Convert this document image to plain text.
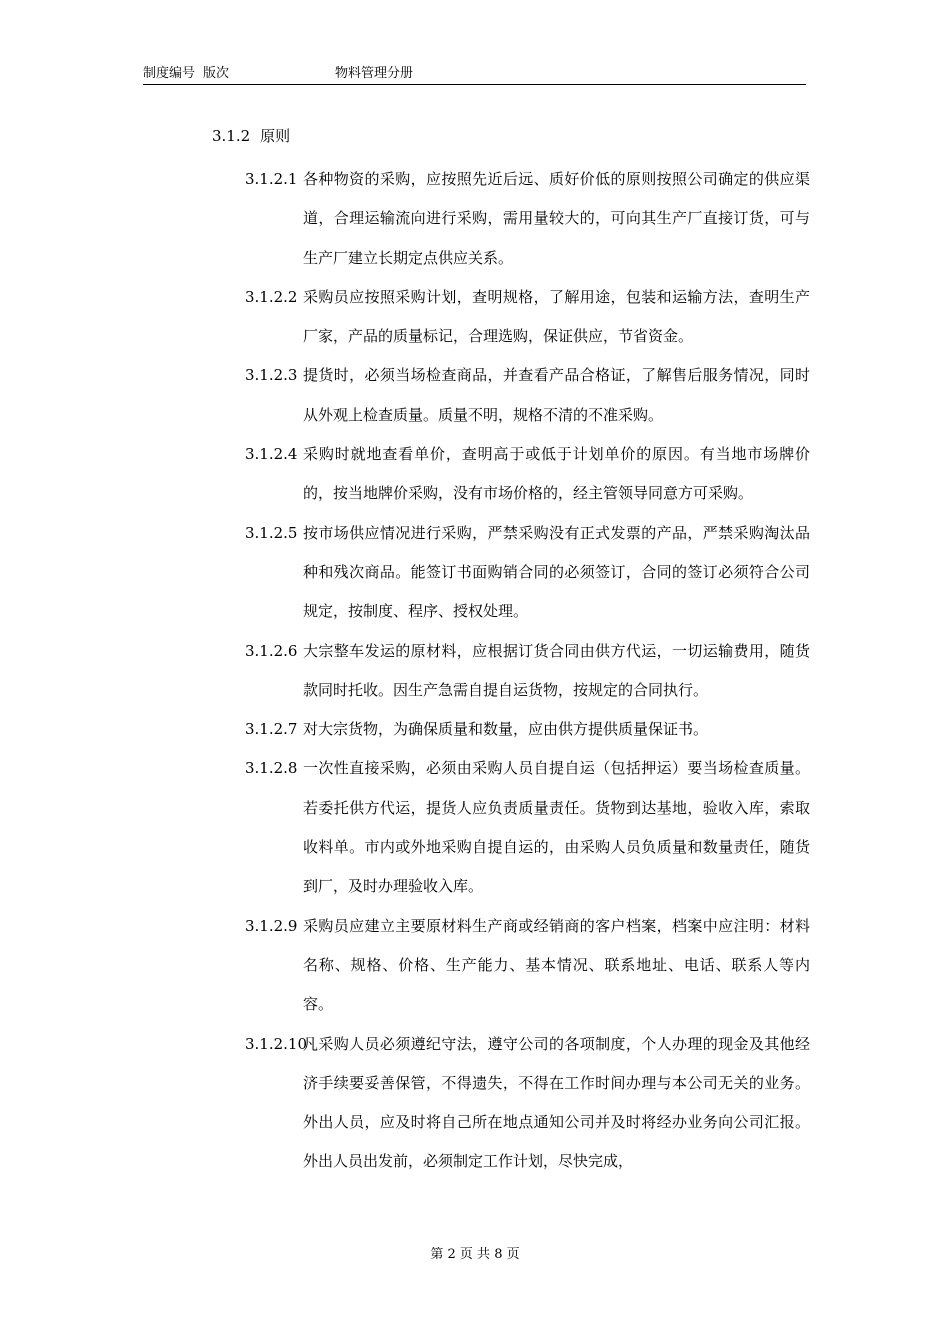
制度编号 版次	物料管理分册
3.1.2 原则
3.1.2.1 各种物资的采购，应按照先近后远、质好价低的原则按照公司确定的供应渠道，合理运输流向进行采购，需用量较大的，可向其生产厂直接订货，可与生产厂建立长期定点供应关系。
3.1.2.2 采购员应按照采购计划，查明规格，了解用途，包装和运输方法，查明生产厂家，产品的质量标记，合理选购，保证供应，节省资金。
3.1.2.3 提货时，必须当场检查商品，并查看产品合格证，了解售后服务情况，同时从外观上检查质量。质量不明，规格不清的不准采购。
3.1.2.4 采购时就地查看单价，查明高于或低于计划单价的原因。有当地市场牌价的，按当地牌价采购，没有市场价格的，经主管领导同意方可采购。
3.1.2.5 按市场供应情况进行采购，严禁采购没有正式发票的产品，严禁采购淘汰品种和残次商品。能签订书面购销合同的必须签订，合同的签订必须符合公司规定，按制度、程序、授权处理。
3.1.2.6 大宗整车发运的原材料，应根据订货合同由供方代运，一切运输费用，随货款同时托收。因生产急需自提自运货物，按规定的合同执行。
3.1.2.7 对大宗货物，为确保质量和数量，应由供方提供质量保证书。
3.1.2.8 一次性直接采购，必须由采购人员自提自运（包括押运）要当场检查质量。若委托供方代运，提货人应负责质量责任。货物到达基地，验收入库，索取收料单。市内或外地采购自提自运的，由采购人员负质量和数量责任，随货到厂，及时办理验收入库。
3.1.2.9 采购员应建立主要原材料生产商或经销商的客户档案，档案中应注明：材料名称、规格、价格、生产能力、基本情况、联系地址、电话、联系人等内容。
3.1.2.10
凡采购人员必须遵纪守法，遵守公司的各项制度，个人办理的现金及其他经济手续要妥善保管，不得遗失，不得在工作时间办理与本公司无关的业务。外出人员，应及时将自己所在地点通知公司并及时将经办业务向公司汇报。外出人员出发前，必须制定工作计划，尽快完成，
第 2 页 共 8 页
